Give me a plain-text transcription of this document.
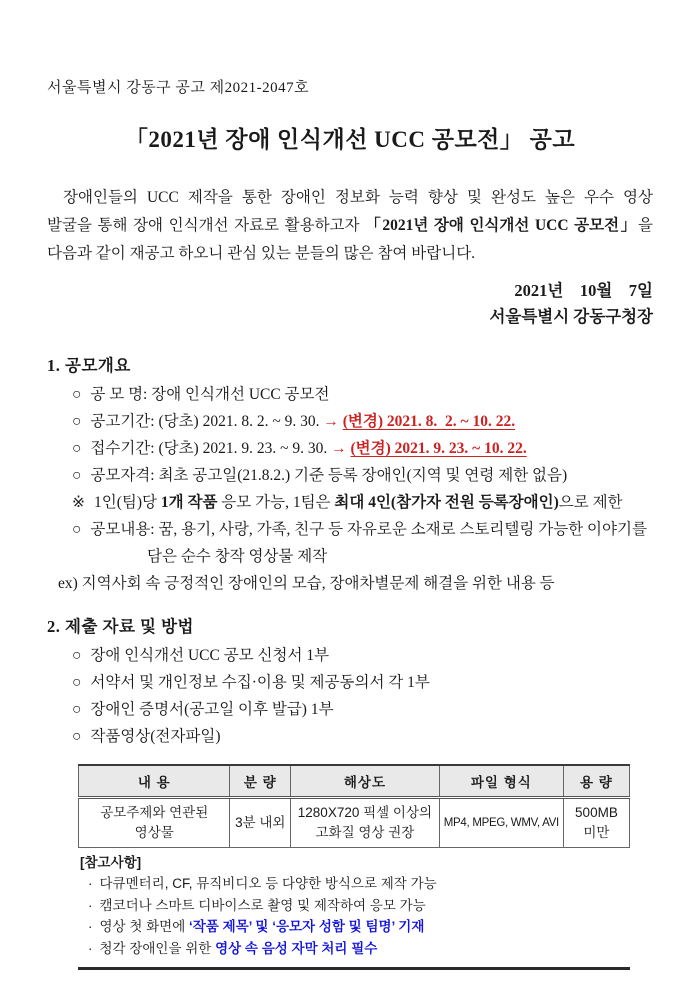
서울특별시 강동구 공고 제2021-2047호
「2021년 장애 인식개선 UCC 공모전」 공고
장애인들의 UCC 제작을 통한 장애인 정보화 능력 향상 및 완성도 높은 우수 영상
발굴을 통해 장애 인식개선 자료로 활용하고자 「2021년 장애 인식개선 UCC 공모전」을
다음과 같이 재공고 하오니 관심 있는 분들의 많은 참여 바랍니다.
2021년    10월    7일
서울특별시 강동구청장
1. 공모개요
○ 공 모 명: 장애 인식개선 UCC 공모전
○ 공고기간: (당초) 2021. 8. 2. ~ 9. 30. → (변경) 2021. 8.  2. ~ 10. 22.
○ 접수기간: (당초) 2021. 9. 23. ~ 9. 30. → (변경) 2021. 9. 23. ~ 10. 22.
○ 공모자격: 최초 공고일(21.8.2.) 기준 등록 장애인(지역 및 연령 제한 없음)
※ 1인(팀)당 1개 작품 응모 가능, 1팀은 최대 4인(참가자 전원 등록장애인)으로 제한
○ 공모내용: 꿈, 용기, 사랑, 가족, 친구 등 자유로운 소재로 스토리텔링 가능한 이야기를
담은 순수 창작 영상물 제작
ex) 지역사회 속 긍정적인 장애인의 모습, 장애차별문제 해결을 위한 내용 등
2. 제출 자료 및 방법
○ 장애 인식개선 UCC 공모 신청서 1부
○ 서약서 및 개인정보 수집·이용 및 제공동의서 각 1부
○ 장애인 증명서(공고일 이후 발급) 1부
○ 작품영상(전자파일)
내 용	분 량	해상도	파일 형식	용 량
공모주제와 연관된 영상물	3분 내외	1280X720 픽셀 이상의 고화질 영상 권장	MP4, MPEG, WMV, AVI	500MB 미만
[참고사항]
· 다큐멘터리, CF, 뮤직비디오 등 다양한 방식으로 제작 가능
· 캠코더나 스마트 디바이스로 촬영 및 제작하여 응모 가능
· 영상 첫 화면에 ‘작품 제목’ 및 ‘응모자 성함 및 팀명’ 기재
· 청각 장애인을 위한 영상 속 음성 자막 처리 필수
